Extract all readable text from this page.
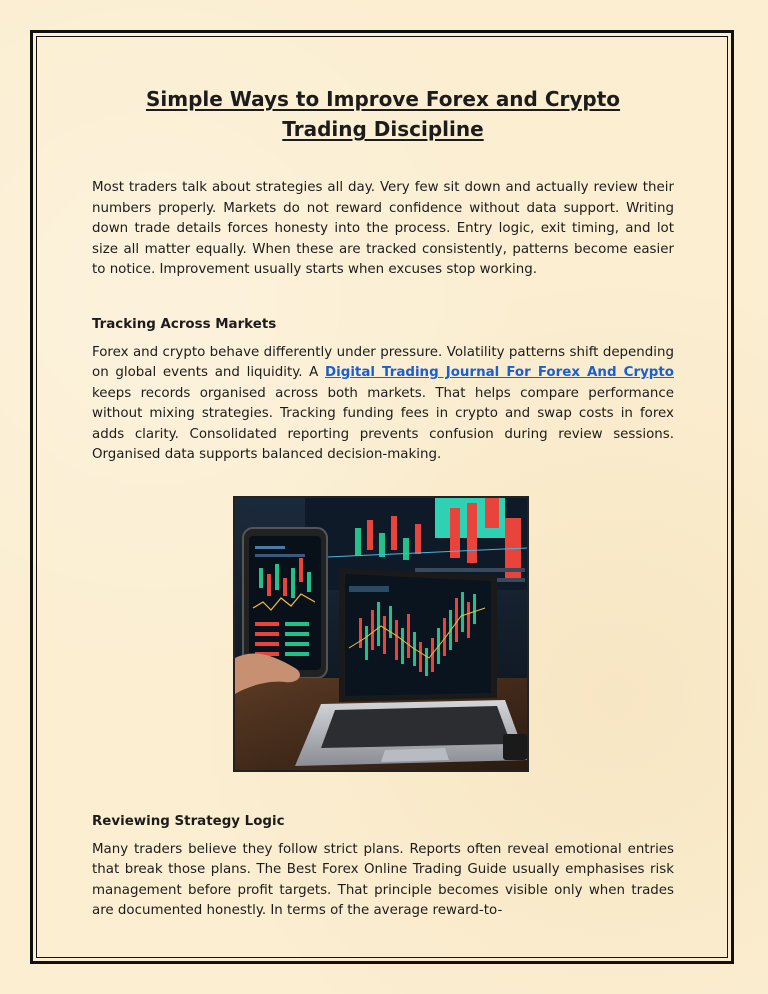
Simple Ways to Improve Forex and Crypto Trading Discipline

Most traders talk about strategies all day. Very few sit down and actually review their numbers properly. Markets do not reward confidence without data support. Writing down trade details forces honesty into the process. Entry logic, exit timing, and lot size all matter equally. When these are tracked consistently, patterns become easier to notice. Improvement usually starts when excuses stop working.

Tracking Across Markets

Forex and crypto behave differently under pressure. Volatility patterns shift depending on global events and liquidity. A Digital Trading Journal For Forex And Crypto keeps records organised across both markets. That helps compare performance without mixing strategies. Tracking funding fees in crypto and swap costs in forex adds clarity. Consolidated reporting prevents confusion during review sessions. Organised data supports balanced decision-making.

Reviewing Strategy Logic

Many traders believe they follow strict plans. Reports often reveal emotional entries that break those plans. The Best Forex Online Trading Guide usually emphasises risk management before profit targets. That principle becomes visible only when trades are documented honestly. In terms of the average reward-to-
